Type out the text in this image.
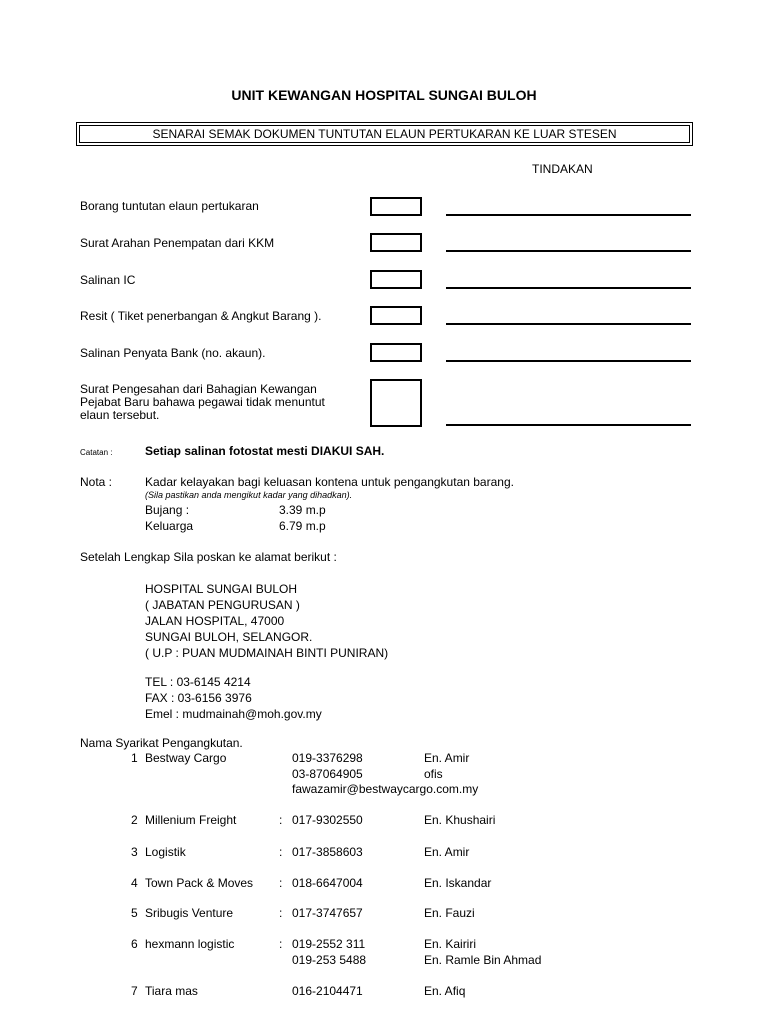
UNIT KEWANGAN HOSPITAL SUNGAI BULOH
SENARAI SEMAK DOKUMEN TUNTUTAN ELAUN PERTUKARAN KE LUAR STESEN
TINDAKAN
Borang tuntutan elaun pertukaran
Surat Arahan Penempatan dari KKM
Salinan IC
Resit ( Tiket penerbangan & Angkut Barang ).
Salinan Penyata Bank (no. akaun).
Surat Pengesahan dari Bahagian Kewangan
Pejabat Baru bahawa pegawai tidak menuntut
elaun tersebut.
Catatan :	Setiap salinan fotostat mesti DIAKUI SAH.
Nota :	Kadar kelayakan bagi keluasan kontena untuk pengangkutan barang.
(Sila pastikan anda mengikut kadar yang dihadkan).
Bujang :	3.39 m.p
Keluarga	6.79 m.p
Setelah Lengkap Sila poskan ke alamat berikut :
HOSPITAL SUNGAI BULOH
( JABATAN PENGURUSAN )
JALAN HOSPITAL, 47000
SUNGAI BULOH, SELANGOR.
( U.P : PUAN MUDMAINAH BINTI PUNIRAN)
TEL : 03-6145 4214
FAX : 03-6156 3976
Emel : mudmainah@moh.gov.my
Nama Syarikat Pengangkutan.
1 Bestway Cargo	019-3376298	En. Amir
03-87064905	ofis
fawazamir@bestwaycargo.com.my
2 Millenium Freight	: 017-9302550	En. Khushairi
3 Logistik	: 017-3858603	En. Amir
4 Town Pack & Moves : 018-6647004	En. Iskandar
5 Sribugis Venture	: 017-3747657	En. Fauzi
6 hexmann logistic	: 019-2552 311	En. Kairiri
019-253 5488	En. Ramle Bin Ahmad
7 Tiara mas	016-2104471	En. Afiq
